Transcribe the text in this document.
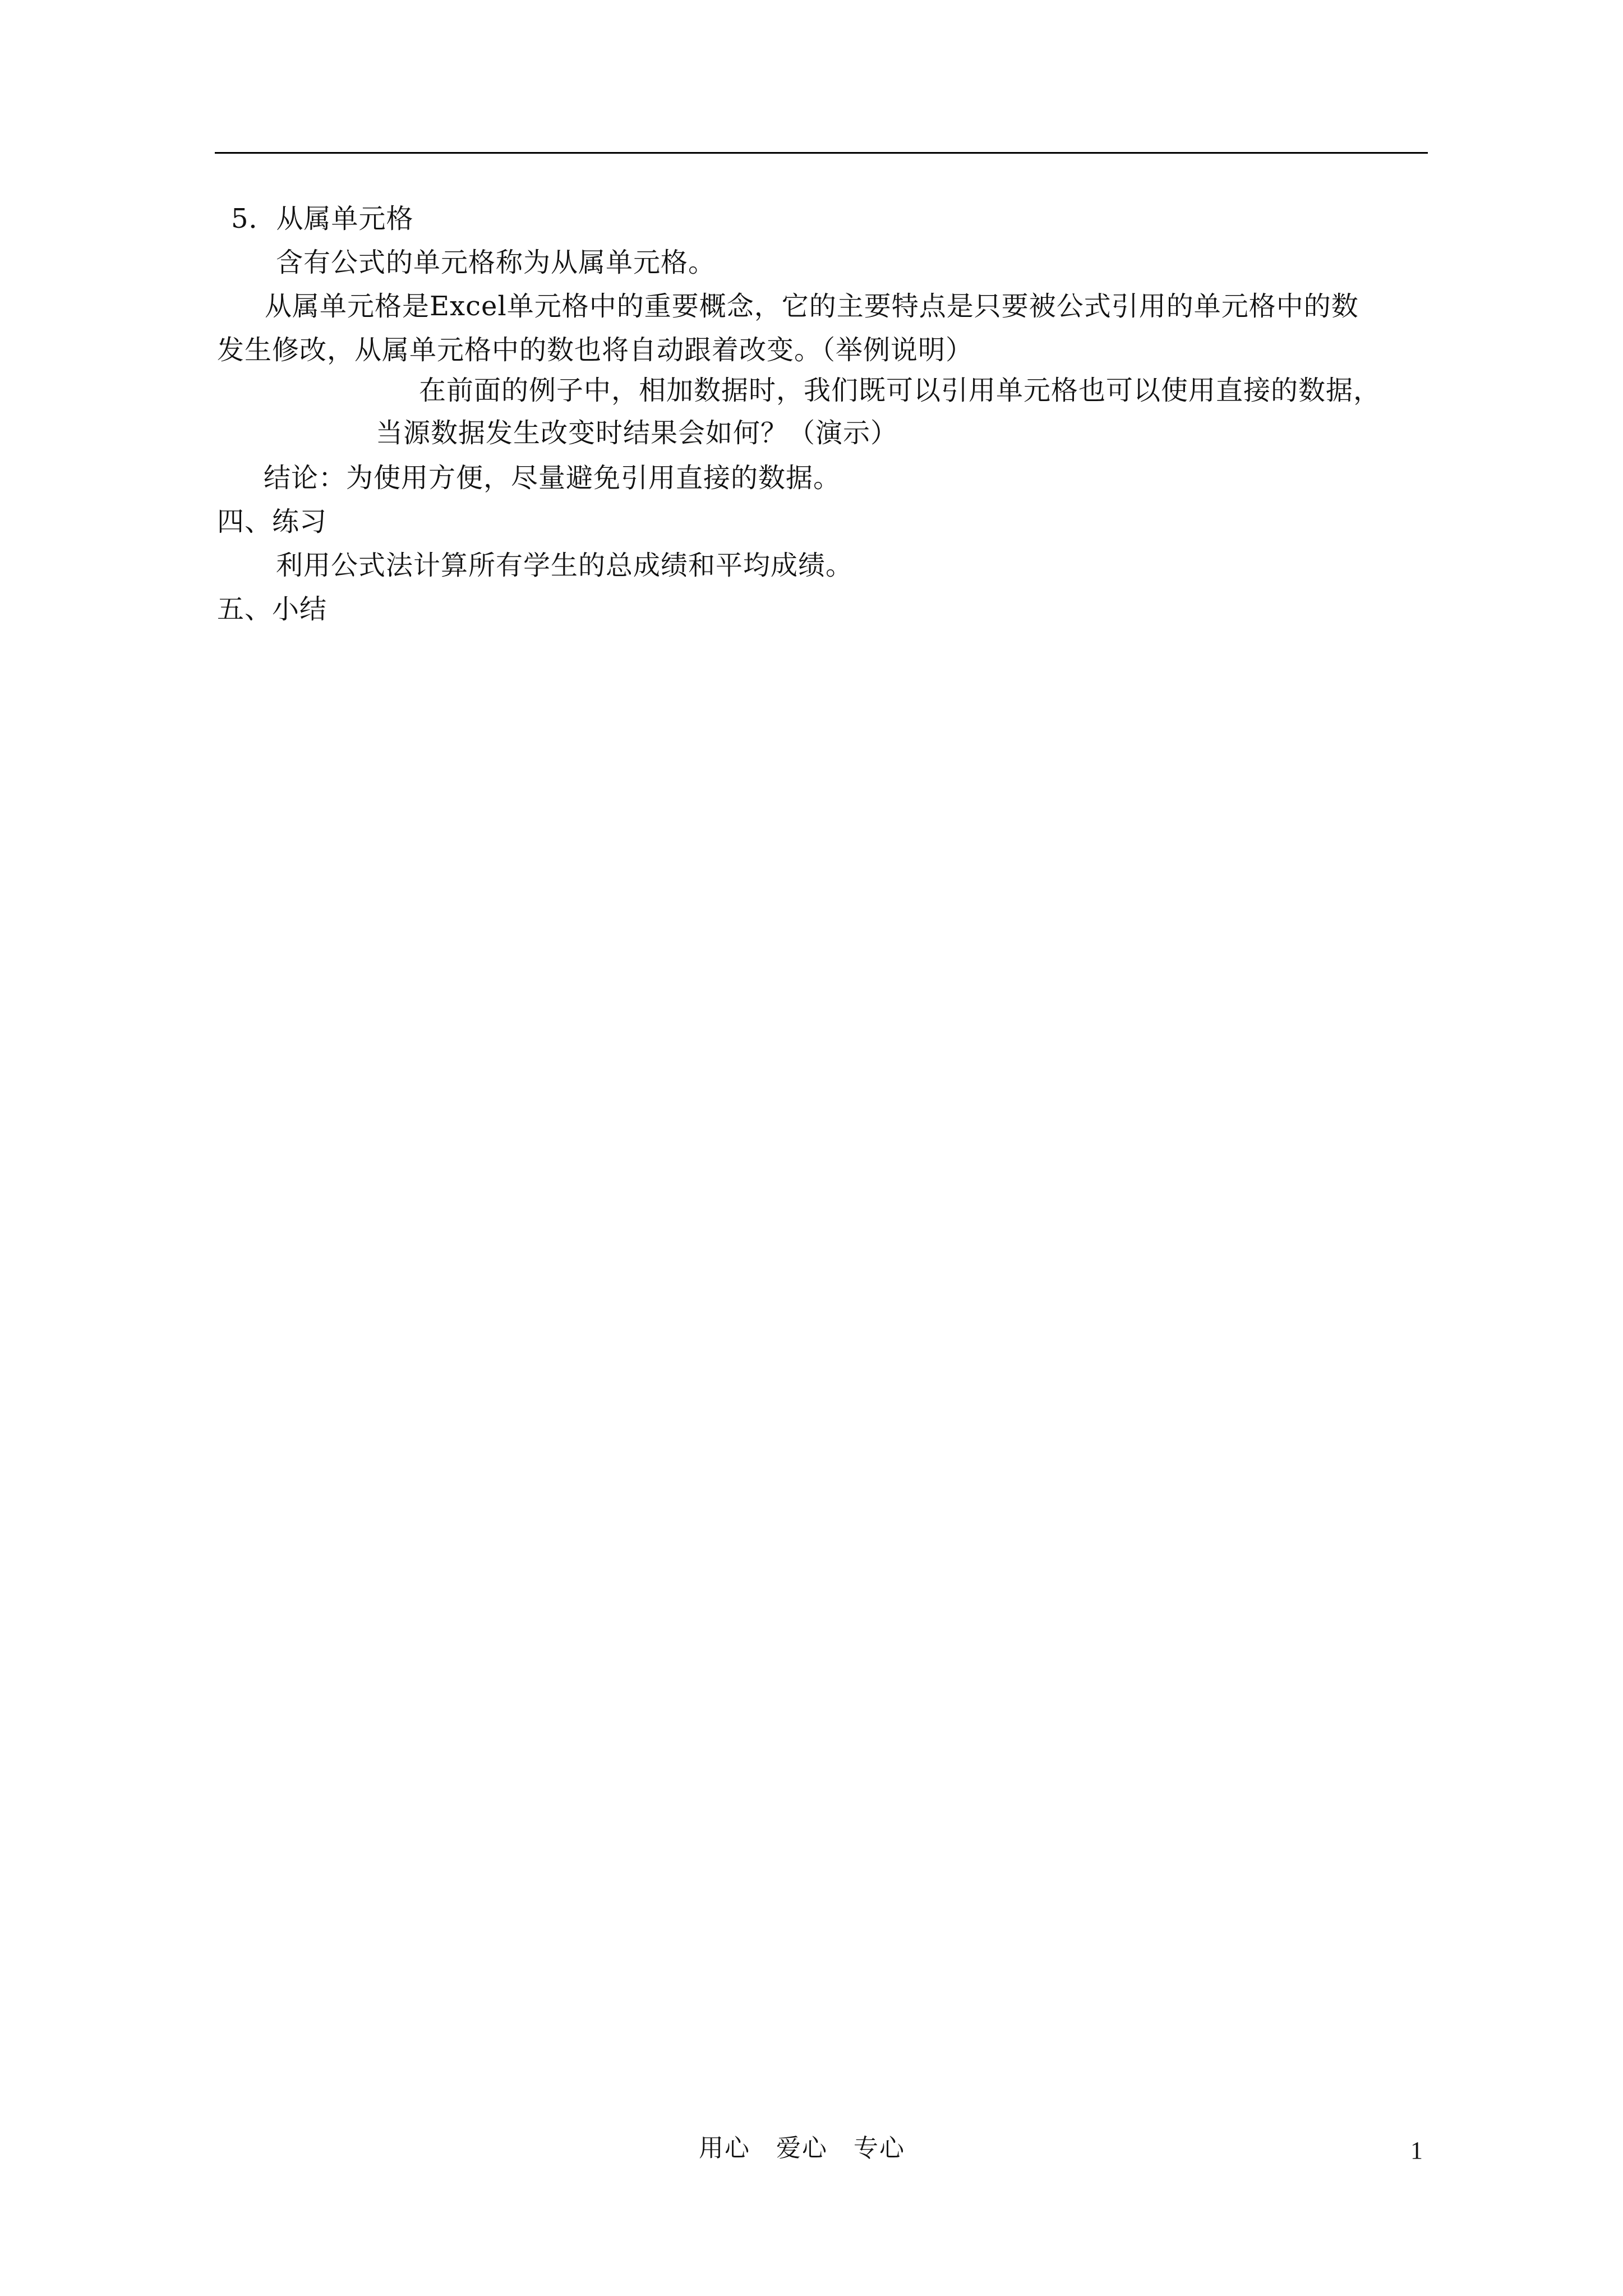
5．从属单元格
含有公式的单元格称为从属单元格。
从属单元格是Excel单元格中的重要概念，它的主要特点是只要被公式引用的单元格中的数
发生修改，从属单元格中的数也将自动跟着改变。（举例说明）
在前面的例子中，相加数据时，我们既可以引用单元格也可以使用直接的数据，
当源数据发生改变时结果会如何？（演示）
结论：为使用方便，尽量避免引用直接的数据。
四、练习
利用公式法计算所有学生的总成绩和平均成绩。
五、小结
用心　爱心　专心	1
